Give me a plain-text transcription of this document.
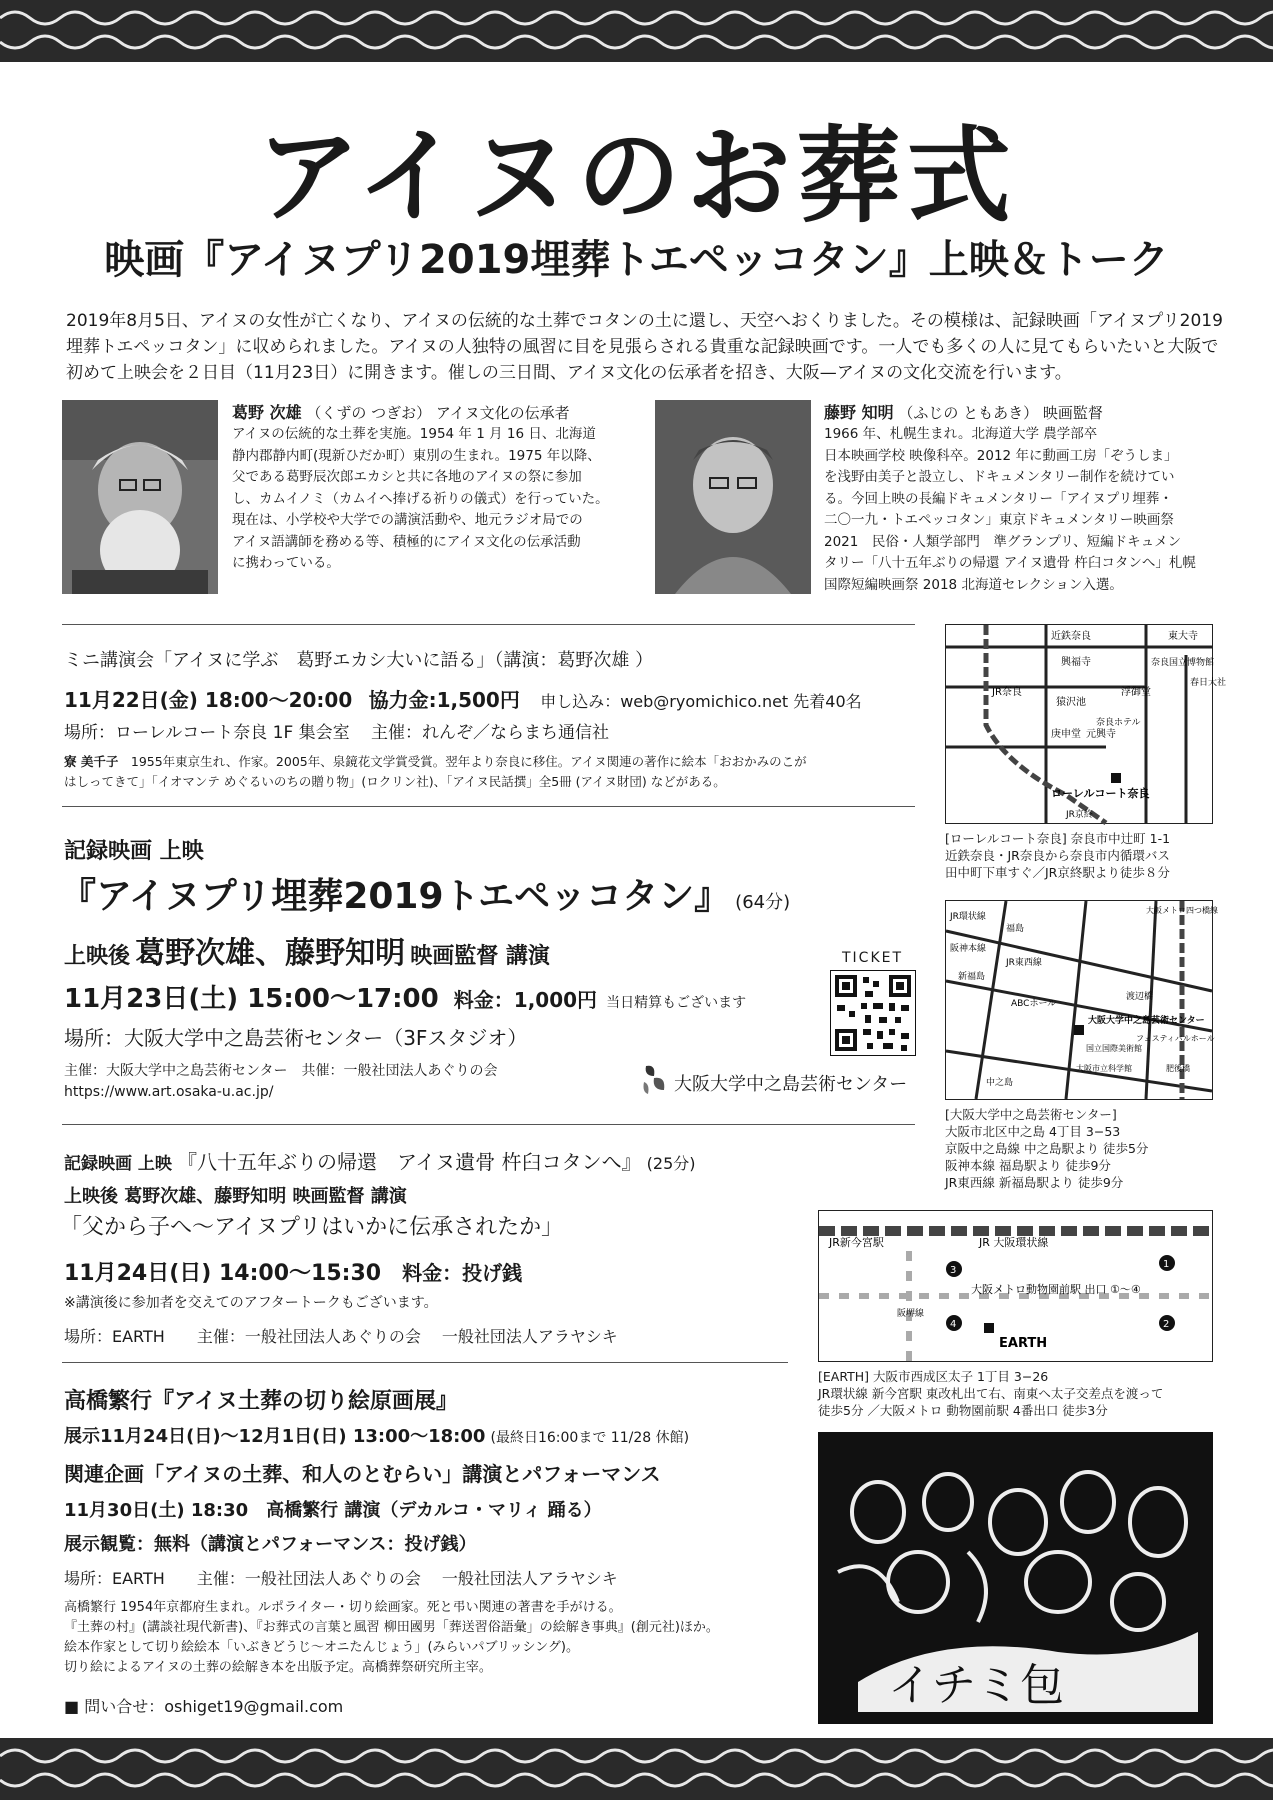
アイヌのお葬式
映画『アイヌプリ2019埋葬トエペッコタン』上映＆トーク
2019年8月5日、アイヌの女性が亡くなり、アイヌの伝統的な土葬でコタンの土に還し、天空へおくりました。その模様は、記録映画「アイヌプリ2019
埋葬トエペッコタン」に収められました。アイヌの人独特の風習に目を見張らされる貴重な記録映画です。一人でも多くの人に見てもらいたいと大阪で
初めて上映会を２日目（11月23日）に開きます。催しの三日間、アイヌ文化の伝承者を招き、大阪—アイヌの文化交流を行います。
葛野 次雄 （くずの つぎお） アイヌ文化の伝承者
アイヌの伝統的な土葬を実施。1954 年 1 月 16 日、北海道
静内郡静内町(現新ひだか町）東別の生まれ。1975 年以降、
父である葛野辰次郎エカシと共に各地のアイヌの祭に参加
し、カムイノミ（カムイへ捧げる祈りの儀式）を行っていた。
現在は、小学校や大学での講演活動や、地元ラジオ局での
アイヌ語講師を務める等、積極的にアイヌ文化の伝承活動
に携わっている。
藤野 知明 （ふじの ともあき） 映画監督
1966 年、札幌生まれ。北海道大学 農学部卒
日本映画学校 映像科卒。2012 年に動画工房「ぞうしま」
を浅野由美子と設立し、ドキュメンタリー制作を続けてい
る。今回上映の長編ドキュメンタリー「アイヌプリ埋葬・
二〇一九・トエペッコタン」東京ドキュメンタリー映画祭
2021　民俗・人類学部門　準グランプリ、短編ドキュメン
タリー「八十五年ぶりの帰還 アイヌ遺骨 杵臼コタンへ」札幌
国際短編映画祭 2018 北海道セレクション入選。
ミニ講演会「アイヌに学ぶ　葛野エカシ大いに語る」（講演：葛野次雄 ）
11月22日(金) 18:00～20:00 協力金:1,500円 申し込み：web@ryomichico.net 先着40名
場所：ローレルコート奈良 1F 集会室 主催：れんぞ／ならまち通信社
寮 美千子　 1955年東京生れ、作家。2005年、泉鏡花文学賞受賞。翌年より奈良に移住。アイヌ関連の著作に絵本「おおかみのこが
はしってきて」「イオマンテ めぐるいのちの贈り物」(ロクリン社)、「アイヌ民話撰」全5冊 (アイヌ財団) などがある。
記録映画 上映
『アイヌプリ埋葬2019トエペッコタン』 (64分)
上映後 葛野次雄、藤野知明 映画監督 講演
11月23日(土) 15:00～17:00 料金：1,000円 当日精算もございます
場所：大阪大学中之島芸術センター（3Fスタジオ）
主催：大阪大学中之島芸術センター　共催：一般社団法人あぐりの会
https://www.art.osaka-u.ac.jp/
TICKET
大阪大学中之島芸術センター
記録映画 上映 『八十五年ぶりの帰還　アイヌ遺骨 杵臼コタンへ』 (25分)
上映後 葛野次雄、藤野知明 映画監督 講演
「父から子へ～アイヌプリはいかに伝承されたか」
11月24日(日) 14:00～15:30 料金：投げ銭
※講演後に参加者を交えてのアフタートークもございます。
場所：EARTH　　主催：一般社団法人あぐりの会　 一般社団法人アラヤシキ
高橋繁行『アイヌ土葬の切り絵原画展』
展示11月24日(日)～12月1日(日) 13:00～18:00 (最終日16:00まで 11/28 休館)
関連企画「アイヌの土葬、和人のとむらい」講演とパフォーマンス
11月30日(土) 18:30　高橋繁行 講演（デカルコ・マリィ 踊る）
展示観覧：無料（講演とパフォーマンス：投げ銭）
場所：EARTH　　主催：一般社団法人あぐりの会　 一般社団法人アラヤシキ
高橋繁行 1954年京都府生まれ。ルポライター・切り絵画家。死と弔い関連の著書を手がける。
『土葬の村』(講談社現代新書)、『お葬式の言葉と風習 柳田國男「葬送習俗語彙」の絵解き事典』(創元社)ほか。
絵本作家として切り絵絵本「いぶきどうじ～オニたんじょう」(みらいパブリッシング)。
切り絵によるアイヌの土葬の絵解き本を出版予定。高橋葬祭研究所主宰。
■ 問い合せ：oshiget19@gmail.com
近鉄奈良	東大寺
興福寺	奈良国立博物館
猿沢池
奈良ホテル
浮御堂
元興寺
庚申堂
春日大社
JR奈良
ローレルコート奈良
JR京終
[ローレルコート奈良] 奈良市中辻町 1-1
近鉄奈良・JR奈良から奈良市内循環バス
田中町下車すぐ／JR京終駅より徒歩８分
JR環状線
福島
阪神本線
新福島
JR東西線
ABCホール
渡辺橋
大阪大学中之島芸術センター
国立国際美術館
大阪市立科学館
中之島
大阪メトロ四つ橋線
フェスティバルホール
肥後橋
[大阪大学中之島芸術センター]
大阪市北区中之島 4丁目 3−53
京阪中之島線 中之島駅より 徒歩5分
阪神本線 福島駅より 徒歩9分
JR東西線 新福島駅より 徒歩9分
JR新今宮駅	JR 大阪環状線
阪堺線
大阪メトロ動物園前駅 出口 ①～④
EARTH
1
2
3
4
[EARTH] 大阪市西成区太子 1丁目 3−26
JR環状線 新今宮駅 東改札出て右、南東へ太子交差点を渡って
徒歩5分 ／大阪メトロ 動物園前駅 4番出口 徒歩3分
イチミ包
